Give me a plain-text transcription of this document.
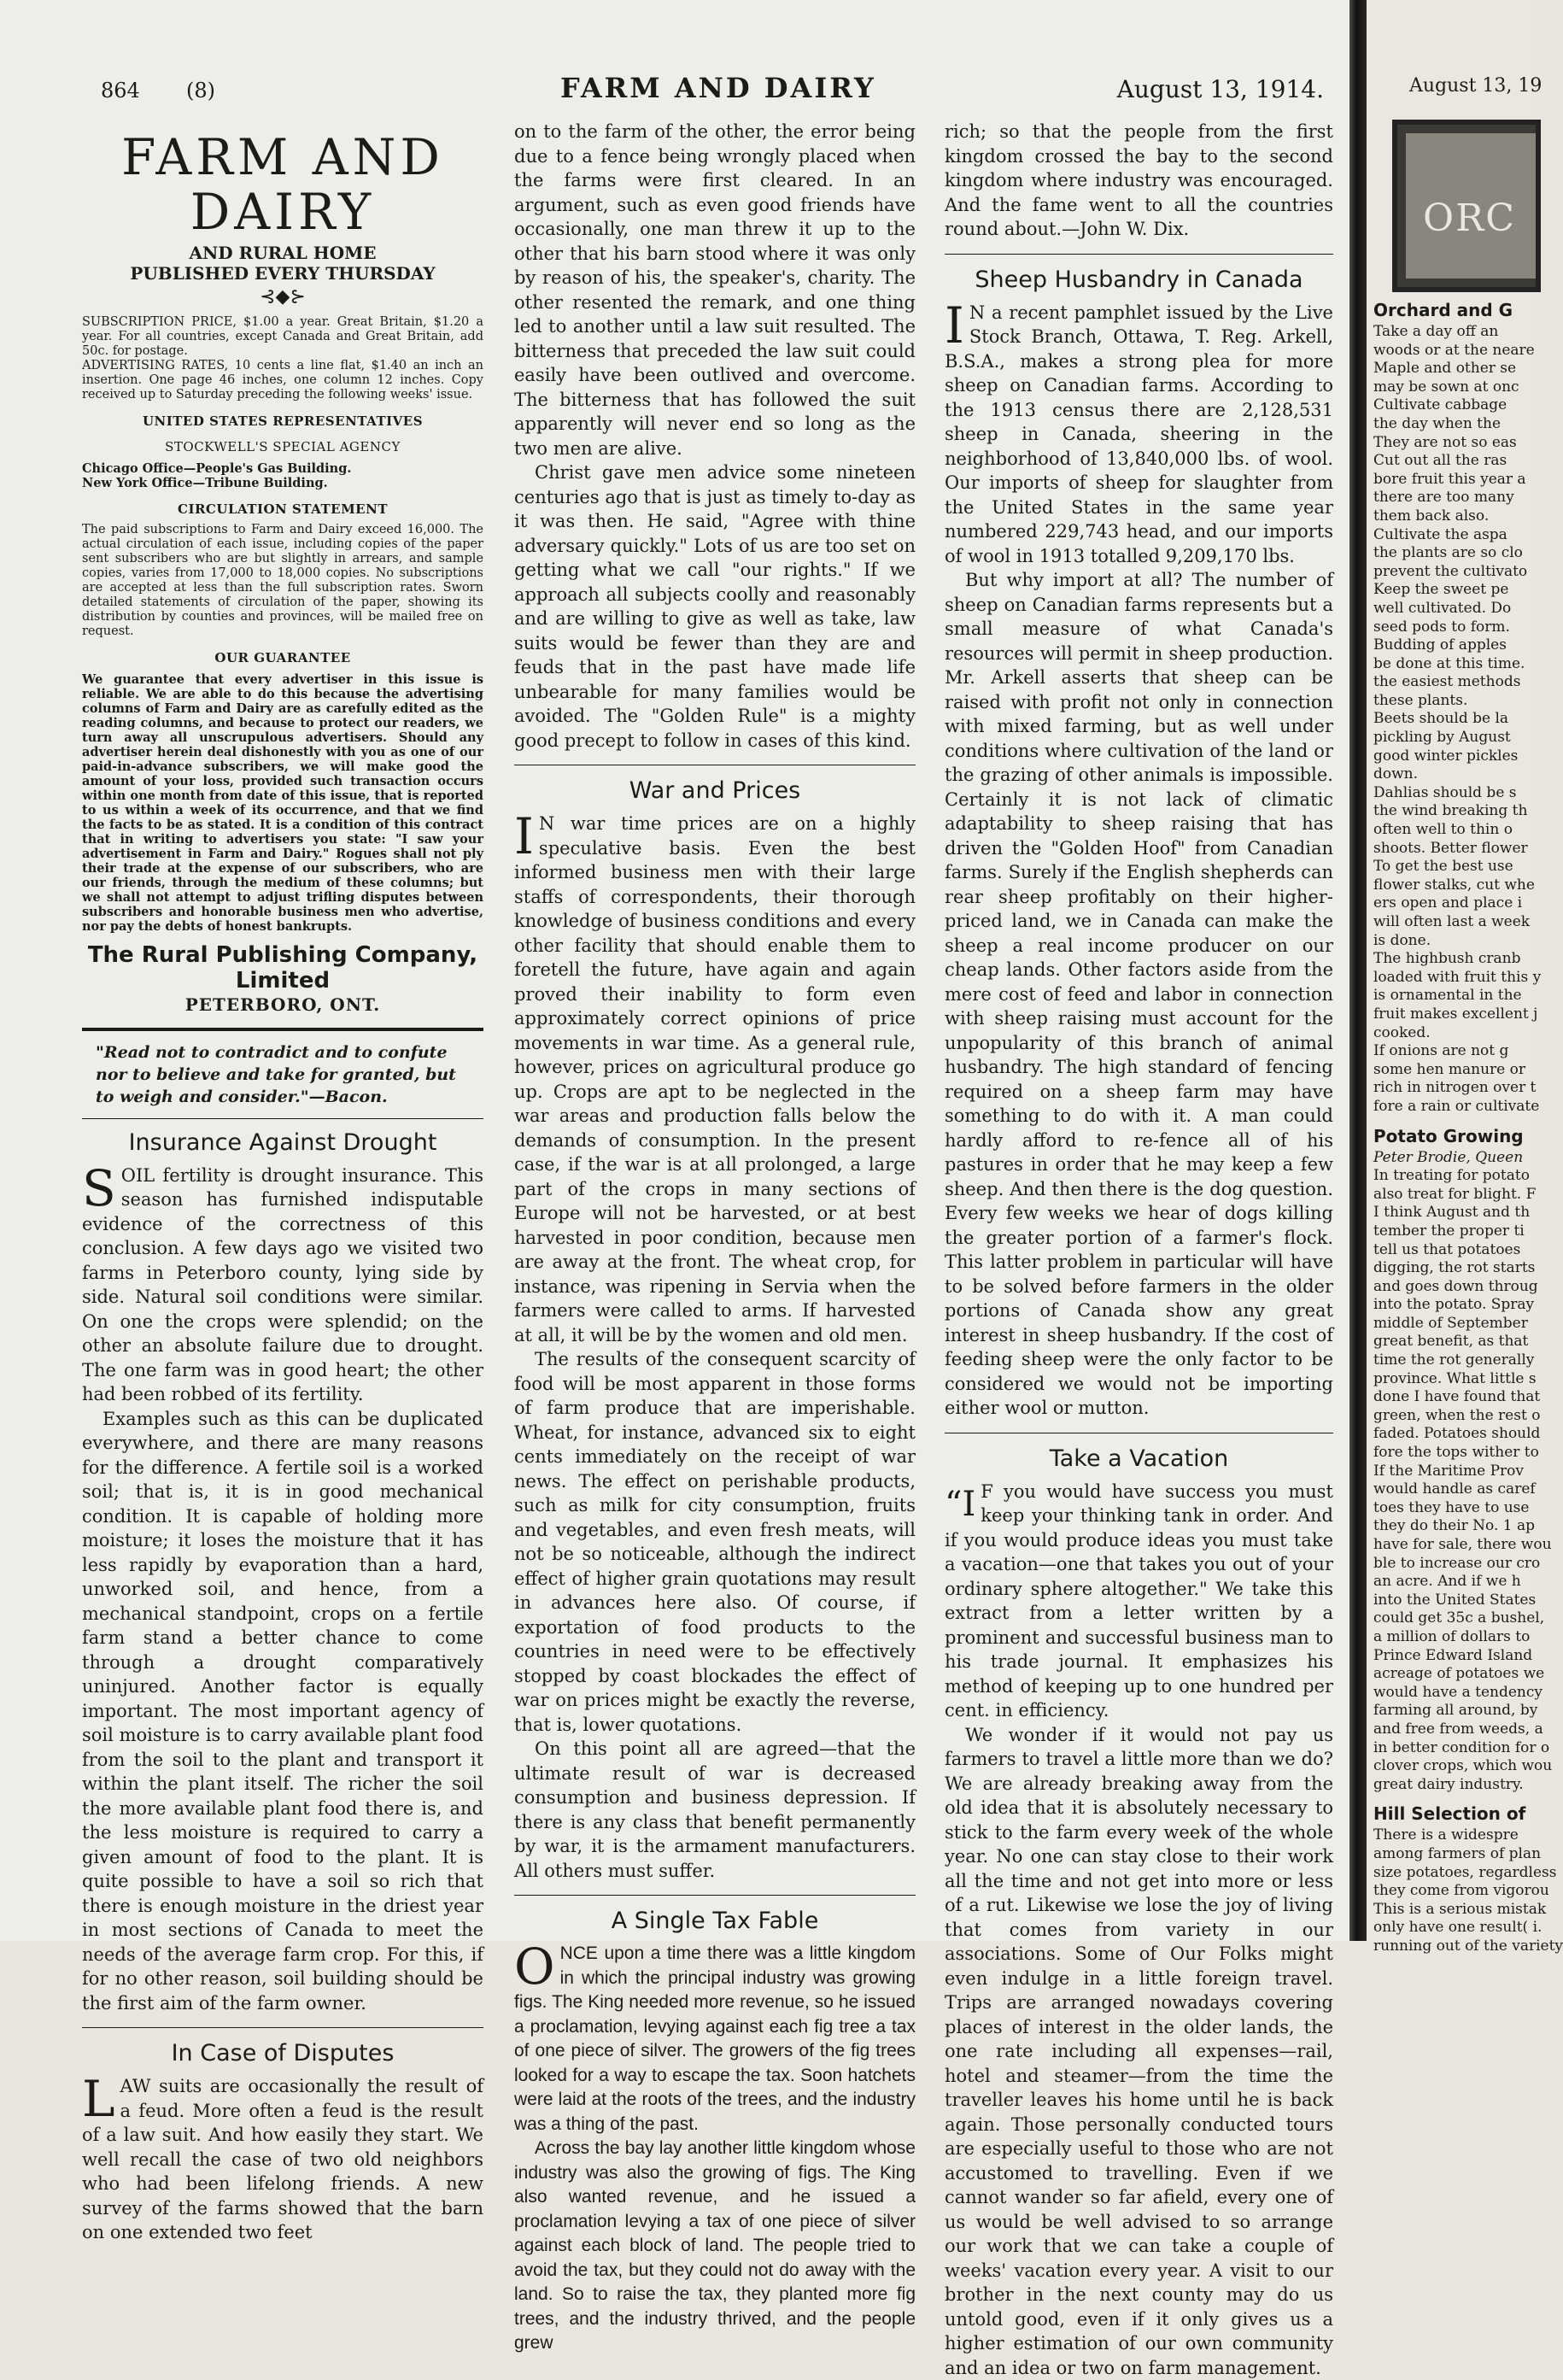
864 (8)	FARM AND DAIRY	August 13, 1914.
FARM AND DAIRY
AND RURAL HOME
PUBLISHED EVERY THURSDAY
⊰◆⊱
SUBSCRIPTION PRICE, $1.00 a year. Great Britain, $1.20 a year. For all countries, except Canada and Great Britain, add 50c. for postage.
ADVERTISING RATES, 10 cents a line flat, $1.40 an inch an insertion. One page 46 inches, one column 12 inches. Copy received up to Saturday preceding the following weeks' issue.
UNITED STATES REPRESENTATIVES
STOCKWELL'S SPECIAL AGENCY
Chicago Office—People's Gas Building.
New York Office—Tribune Building.
CIRCULATION STATEMENT
The paid subscriptions to Farm and Dairy exceed 16,000. The actual circulation of each issue, including copies of the paper sent subscribers who are but slightly in arrears, and sample copies, varies from 17,000 to 18,000 copies. No subscriptions are accepted at less than the full subscription rates. Sworn detailed statements of circulation of the paper, showing its distribution by counties and provinces, will be mailed free on request.
OUR GUARANTEE
We guarantee that every advertiser in this issue is reliable. We are able to do this because the advertising columns of Farm and Dairy are as carefully edited as the reading columns, and because to protect our readers, we turn away all unscrupulous advertisers. Should any advertiser herein deal dishonestly with you as one of our paid-in-advance subscribers, we will make good the amount of your loss, provided such transaction occurs within one month from date of this issue, that is reported to us within a week of its occurrence, and that we find the facts to be as stated. It is a condition of this contract that in writing to advertisers you state: "I saw your advertisement in Farm and Dairy." Rogues shall not ply their trade at the expense of our subscribers, who are our friends, through the medium of these columns; but we shall not attempt to adjust trifling disputes between subscribers and honorable business men who advertise, nor pay the debts of honest bankrupts.
The Rural Publishing Company, Limited
PETERBORO, ONT.
"Read not to contradict and to confute nor to believe and take for granted, but to weigh and consider."—Bacon.
Insurance Against Drought

SOIL fertility is drought insurance. This season has furnished indisputable evidence of the correctness of this conclusion. A few days ago we visited two farms in Peterboro county, lying side by side. Natural soil conditions were similar. On one the crops were splendid; on the other an absolute failure due to drought. The one farm was in good heart; the other had been robbed of its fertility.

Examples such as this can be duplicated everywhere, and there are many reasons for the difference. A fertile soil is a worked soil; that is, it is in good mechanical condition. It is capable of holding more moisture; it loses the moisture that it has less rapidly by evaporation than a hard, unworked soil, and hence, from a mechanical standpoint, crops on a fertile farm stand a better chance to come through a drought comparatively uninjured. Another factor is equally important. The most important agency of soil moisture is to carry available plant food from the soil to the plant and transport it within the plant itself. The richer the soil the more available plant food there is, and the less moisture is required to carry a given amount of food to the plant. It is quite possible to have a soil so rich that there is enough moisture in the driest year in most sections of Canada to meet the needs of the average farm crop. For this, if for no other reason, soil building should be the first aim of the farm owner.

In Case of Disputes

LAW suits are occasionally the result of a feud. More often a feud is the result of a law suit. And how easily they start. We well recall the case of two old neighbors who had been lifelong friends. A new survey of the farms showed that the barn on one extended two feet

on to the farm of the other, the error being due to a fence being wrongly placed when the farms were first cleared. In an argument, such as even good friends have occasionally, one man threw it up to the other that his barn stood where it was only by reason of his, the speaker's, charity. The other resented the remark, and one thing led to another until a law suit resulted. The bitterness that preceded the law suit could easily have been outlived and overcome. The bitterness that has followed the suit apparently will never end so long as the two men are alive.

Christ gave men advice some nineteen centuries ago that is just as timely to-day as it was then. He said, "Agree with thine adversary quickly." Lots of us are too set on getting what we call "our rights." If we approach all subjects coolly and reasonably and are willing to give as well as take, law suits would be fewer than they are and feuds that in the past have made life unbearable for many families would be avoided. The "Golden Rule" is a mighty good precept to follow in cases of this kind.

War and Prices

I N war time prices are on a highly speculative basis. Even the best informed business men with their large staffs of correspondents, their thorough knowledge of business conditions and every other facility that should enable them to foretell the future, have again and again proved their inability to form even approximately correct opinions of price movements in war time. As a general rule, however, prices on agricultural produce go up. Crops are apt to be neglected in the war areas and production falls below the demands of consumption. In the present case, if the war is at all prolonged, a large part of the crops in many sections of Europe will not be harvested, or at best harvested in poor condition, because men are away at the front. The wheat crop, for instance, was ripening in Servia when the farmers were called to arms. If harvested at all, it will be by the women and old men.

The results of the consequent scarcity of food will be most apparent in those forms of farm produce that are imperishable. Wheat, for instance, advanced six to eight cents immediately on the receipt of war news. The effect on perishable products, such as milk for city consumption, fruits and vegetables, and even fresh meats, will not be so noticeable, although the indirect effect of higher grain quotations may result in advances here also. Of course, if exportation of food products to the countries in need were to be effectively stopped by coast blockades the effect of war on prices might be exactly the reverse, that is, lower quotations.

On this point all are agreed—that the ultimate result of war is decreased consumption and business depression. If there is any class that benefit permanently by war, it is the armament manufacturers. All others must suffer.

A Single Tax Fable

ONCE upon a time there was a little kingdom in which the principal industry was growing figs. The King needed more revenue, so he issued a proclamation, levying against each fig tree a tax of one piece of silver. The growers of the fig trees looked for a way to escape the tax. Soon hatchets were laid at the roots of the trees, and the industry was a thing of the past.

Across the bay lay another little kingdom whose industry was also the growing of figs. The King also wanted revenue, and he issued a proclamation levying a tax of one piece of silver against each block of land. The people tried to avoid the tax, but they could not do away with the land. So to raise the tax, they planted more fig trees, and the industry thrived, and the people grew

rich; so that the people from the first kingdom crossed the bay to the second kingdom where industry was encouraged. And the fame went to all the countries round about.—John W. Dix.

Sheep Husbandry in Canada

I N a recent pamphlet issued by the Live Stock Branch, Ottawa, T. Reg. Arkell, B.S.A., makes a strong plea for more sheep on Canadian farms. According to the 1913 census there are 2,128,531 sheep in Canada, sheering in the neighborhood of 13,840,000 lbs. of wool. Our imports of sheep for slaughter from the United States in the same year numbered 229,743 head, and our imports of wool in 1913 totalled 9,209,170 lbs.

But why import at all? The number of sheep on Canadian farms represents but a small measure of what Canada's resources will permit in sheep production. Mr. Arkell asserts that sheep can be raised with profit not only in connection with mixed farming, but as well under conditions where cultivation of the land or the grazing of other animals is impossible. Certainly it is not lack of climatic adaptability to sheep raising that has driven the "Golden Hoof" from Canadian farms. Surely if the English shepherds can rear sheep profitably on their higher-priced land, we in Canada can make the sheep a real income producer on our cheap lands. Other factors aside from the mere cost of feed and labor in connection with sheep raising must account for the unpopularity of this branch of animal husbandry. The high standard of fencing required on a sheep farm may have something to do with it. A man could hardly afford to re-fence all of his pastures in order that he may keep a few sheep. And then there is the dog question. Every few weeks we hear of dogs killing the greater portion of a farmer's flock. This latter problem in particular will have to be solved before farmers in the older portions of Canada show any great interest in sheep husbandry. If the cost of feeding sheep were the only factor to be considered we would not be importing either wool or mutton.

Take a Vacation

“I F you would have success you must keep your thinking tank in order. And if you would produce ideas you must take a vacation—one that takes you out of your ordinary sphere altogether." We take this extract from a letter written by a prominent and successful business man to his trade journal. It emphasizes his method of keeping up to one hundred per cent. in efficiency.

We wonder if it would not pay us farmers to travel a little more than we do? We are already breaking away from the old idea that it is absolutely necessary to stick to the farm every week of the whole year. No one can stay close to their work all the time and not get into more or less of a rut. Likewise we lose the joy of living that comes from variety in our associations. Some of Our Folks might even indulge in a little foreign travel. Trips are arranged nowadays covering places of interest in the older lands, the one rate including all expenses—rail, hotel and steamer—from the time the traveller leaves his home until he is back again. Those personally conducted tours are especially useful to those who are not accustomed to travelling. Even if we cannot wander so far afield, every one of us would be well advised to so arrange our work that we can take a couple of weeks' vacation every year. A visit to our brother in the next county may do us untold good, even if it only gives us a higher estimation of our own community and an idea or two on farm management.

August 13, 19
ORC
Orchard and G
Take a day off an
woods or at the neare
Maple and other se
may be sown at onc
Cultivate cabbage
the day when the
They are not so eas
Cut out all the ras
bore fruit this year a
there are too many
them back also.
Cultivate the aspa
the plants are so clo
prevent the cultivato
Keep the sweet pe
well cultivated. Do
seed pods to form.
Budding of apples
be done at this time.
the easiest methods
these plants.
Beets should be la
pickling by August
good winter pickles
down.
Dahlias should be s
the wind breaking th
often well to thin o
shoots. Better flower
To get the best use
flower stalks, cut whe
ers open and place i
will often last a week
is done.
The highbush cranb
loaded with fruit this y
is ornamental in the
fruit makes excellent j
cooked.
If onions are not g
some hen manure or
rich in nitrogen over t
fore a rain or cultivate
Potato Growing
Peter Brodie, Queen
In treating for potato
also treat for blight. F
I think August and th
tember the proper ti
tell us that potatoes
digging, the rot starts
and goes down throug
into the potato. Spray
middle of September
great benefit, as that
time the rot generally
province. What little s
done I have found that
green, when the rest o
faded. Potatoes should
fore the tops wither to
If the Maritime Prov
would handle as caref
toes they have to use
they do their No. 1 ap
have for sale, there wou
ble to increase our cro
an acre. And if we h
into the United States
could get 35c a bushel,
a million of dollars to
Prince Edward Island
acreage of potatoes we
would have a tendency
farming all around, by
and free from weeds, a
in better condition for o
clover crops, which wou
great dairy industry.
Hill Selection of
There is a widespre
among farmers of plan
size potatoes, regardless
they come from vigorou
This is a serious mistak
only have one result( i.
running out of the variety
